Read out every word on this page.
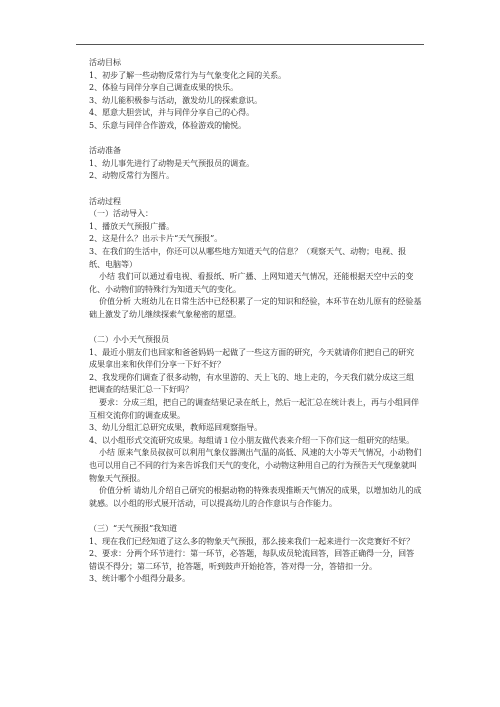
活动目标

1、初步了解一些动物反常行为与气象变化之间的关系。

2、体验与同伴分享自己调查成果的快乐。

3、幼儿能积极参与活动，激发幼儿的探索意识。

4、愿意大胆尝试，并与同伴分享自己的心得。

5、乐意与同伴合作游戏，体验游戏的愉悦。

活动准备

1、幼儿事先进行了动物是天气预报员的调查。

2、动物反常行为图片。

活动过程

（一）活动导入：

1、播放天气预报广播。

2、这是什么？出示卡片“天气预报”。

3、在我们的生活中，你还可以从哪些地方知道天气的信息？（观察天气、动物；电视、报纸、电脑等）

小结 我们可以通过看电视、看报纸、听广播、上网知道天气情况，还能根据天空中云的变化、小动物们的特殊行为知道天气的变化。

价值分析 大班幼儿在日常生活中已经积累了一定的知识和经验，本环节在幼儿原有的经验基础上激发了幼儿继续探索气象秘密的愿望。

（二）小小天气预报员

1、最近小朋友们也回家和爸爸妈妈一起做了一些这方面的研究，今天就请你们把自己的研究成果拿出来和伙伴们分享一下好不好？

2、我发现你们调查了很多动物，有水里游的、天上飞的、地上走的，今天我们就分成这三组把调查的结果汇总一下好吗？

要求：分成三组，把自己的调查结果记录在纸上，然后一起汇总在统计表上，再与小组同伴互相交流你们的调查成果。

3、幼儿分组汇总研究成果，教师巡回观察指导。

4、以小组形式交流研究成果。每组请１位小朋友做代表来介绍一下你们这一组研究的结果。

小结 原来气象员叔叔可以利用气象仪器测出气温的高低、风速的大小等天气情况，小动物们也可以用自己不同的行为来告诉我们天气的变化，小动物这种用自己的行为预告天气现象就叫物象天气预报。

价值分析 请幼儿介绍自己研究的根据动物的特殊表现推断天气情况的成果，以增加幼儿的成就感。以小组的形式展开活动，可以提高幼儿的合作意识与合作能力。

（三）“天气预报”我知道

1、现在我们已经知道了这么多的物象天气预报，那么接来我们一起来进行一次竞赛好不好？

2、要求：分两个环节进行：第一环节，必答题，每队成员轮流回答，回答正确得一分，回答错误不得分；第二环节，抢答题，听到鼓声开始抢答，答对得一分，答错扣一分。

3、统计哪个小组得分最多。
